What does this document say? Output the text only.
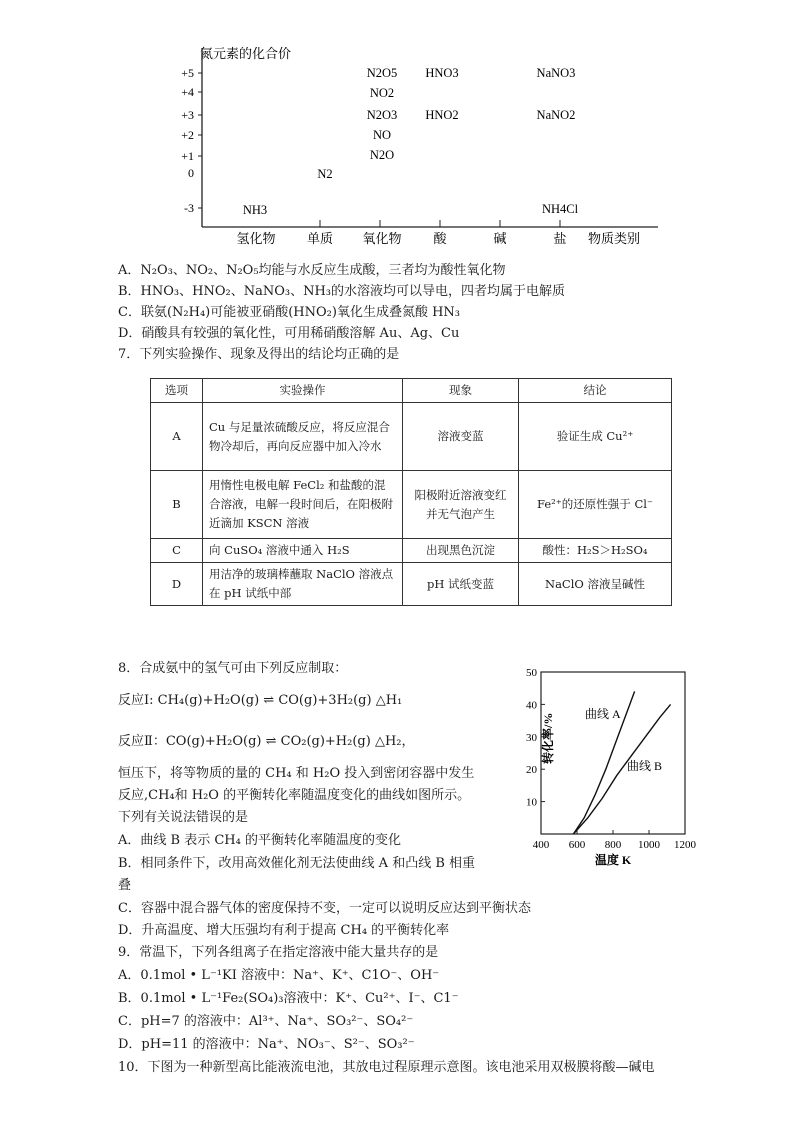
氮元素的化合价
+5
+4
+3
+2
+1
0
-3
氢化物 单质 氧化物 酸	碱	盐 物质类别
N2O5 HNO3	NaNO3
NO2
N2O3 HNO2	NaNO2
NO
N2O
N2
NH3	NH4Cl
A．N₂O₃、NO₂、N₂O₅均能与水反应生成酸，三者均为酸性氧化物
B．HNO₃、HNO₂、NaNO₃、NH₃的水溶液均可以导电，四者均属于电解质
C．联氨(N₂H₄)可能被亚硝酸(HNO₂)氧化生成叠氮酸 HN₃
D．硝酸具有较强的氧化性，可用稀硝酸溶解 Au、Ag、Cu
7．下列实验操作、现象及得出的结论均正确的是
选项	实验操作	现象	结论
A	Cu 与足量浓硫酸反应，将反应混合物冷却后，再向反应器中加入冷水	溶液变蓝	验证生成 Cu²⁺
B	用惰性电极电解 FeCl₂ 和盐酸的混合溶液，电解一段时间后，在阳极附近滴加 KSCN 溶液	阳极附近溶液变红并无气泡产生	Fe²⁺的还原性强于 Cl⁻
C	向 CuSO₄ 溶液中通入 H₂S	出现黑色沉淀	酸性：H₂S＞H₂SO₄
D	用洁净的玻璃棒蘸取 NaClO 溶液点在 pH 试纸中部	pH 试纸变蓝	NaClO 溶液呈碱性
8．合成氨中的氢气可由下列反应制取：
反应Ⅰ: CH₄(g)+H₂O(g) ⇌ CO(g)+3H₂(g) △H₁
反应Ⅱ：CO(g)+H₂O(g) ⇌ CO₂(g)+H₂(g) △H₂，
恒压下，将等物质的量的 CH₄ 和 H₂O 投入到密闭容器中发生
反应,CH₄和 H₂O 的平衡转化率随温度变化的曲线如图所示。
下列有关说法错误的是
A．曲线 B 表示 CH₄ 的平衡转化率随温度的变化
B．相同条件下，改用高效催化剂无法使曲线 A 和凸线 B 相重
叠
C．容器中混合器气体的密度保持不变，一定可以说明反应达到平衡状态
D．升高温度、增大压强均有利于提高 CH₄ 的平衡转化率
400 600 800 1000 1200
10
20
30
40
50
转化率/%
温度 K
曲线 A
曲线 B
9．常温下，下列各组离子在指定溶液中能大量共存的是
A．0.1mol • L⁻¹KI 溶液中：Na⁺、K⁺、C1O⁻、OH⁻
B．0.1mol • L⁻¹Fe₂(SO₄)₃溶液中：K⁺、Cu²⁺、I⁻、C1⁻
C．pH=7 的溶液中：Al³⁺、Na⁺、SO₃²⁻、SO₄²⁻
D．pH=11 的溶液中：Na⁺、NO₃⁻、S²⁻、SO₃²⁻
10．下图为一种新型高比能液流电池，其放电过程原理示意图。该电池采用双极膜将酸—碱电
